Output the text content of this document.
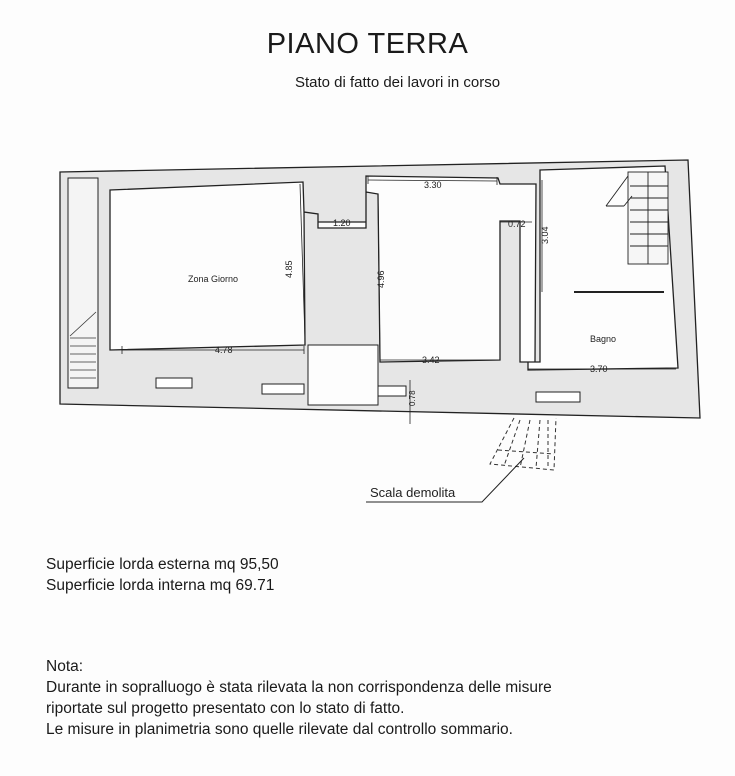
PIANO TERRA
Stato di fatto dei lavori in corso
Zona Giorno
Bagno
3.30
1.20	0.72
4.78
3.42
3.70
3.04
4.85
4.96
0.78
Scala demolita
Superficie lorda esterna mq 95,50
Superficie lorda interna mq 69.71
Nota:
Durante in sopralluogo è stata rilevata la non corrispondenza delle misure
riportate sul progetto presentato con lo stato di fatto.
Le misure in planimetria sono quelle rilevate dal controllo sommario.
